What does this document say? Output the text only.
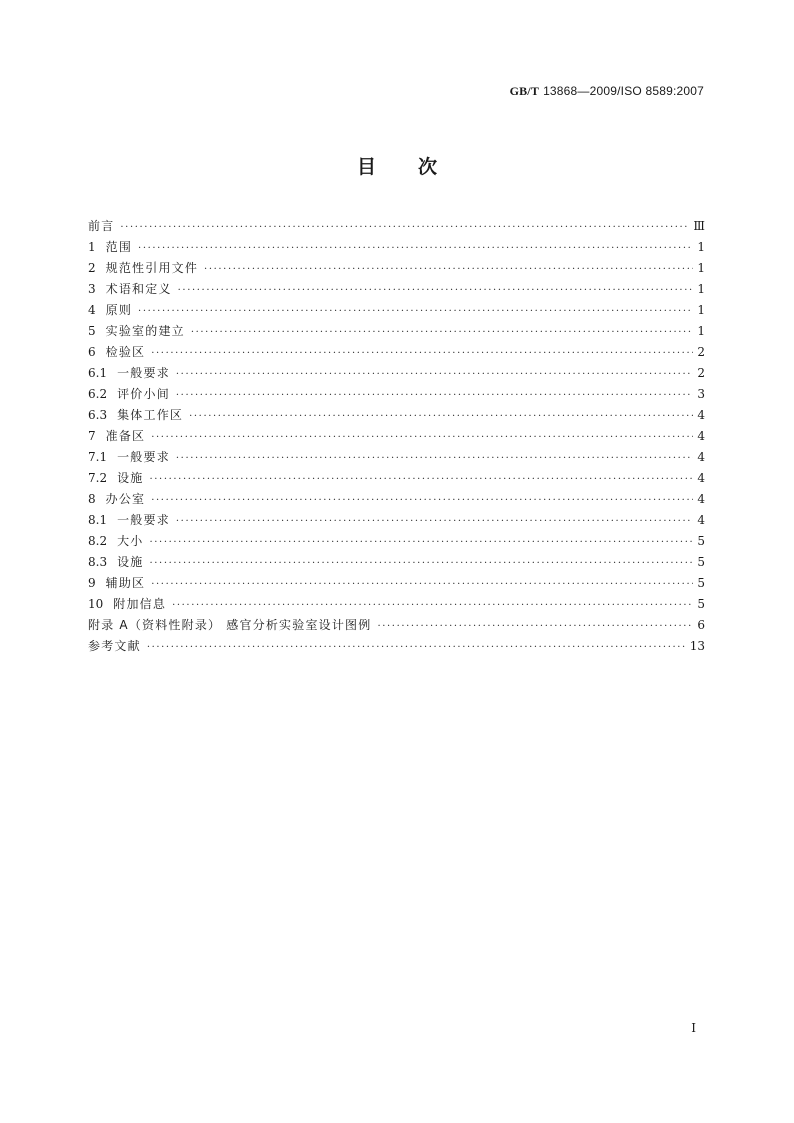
GB/T 13868—2009/ISO 8589:2007
目次
前言 ·····	Ⅲ
1 范围 ·····	1
2 规范性引用文件 ·····	1
3 术语和定义 ·····	1
4 原则 ·····	1
5 实验室的建立 ·····	1
6 检验区 ·····	2
6.1 一般要求 ·····	2
6.2 评价小间 ·····	3
6.3 集体工作区 ·····	4
7 准备区 ·····	4
7.1 一般要求 ·····	4
7.2 设施 ·····	4
8 办公室 ·····	4
8.1 一般要求 ·····	4
8.2 大小 ·····	5
8.3 设施 ·····	5
9 辅助区 ·····	5
10 附加信息 ·····	5
附录 A（资料性附录） 感官分析实验室设计图例 ·····	6
参考文献 ·····	13
I
